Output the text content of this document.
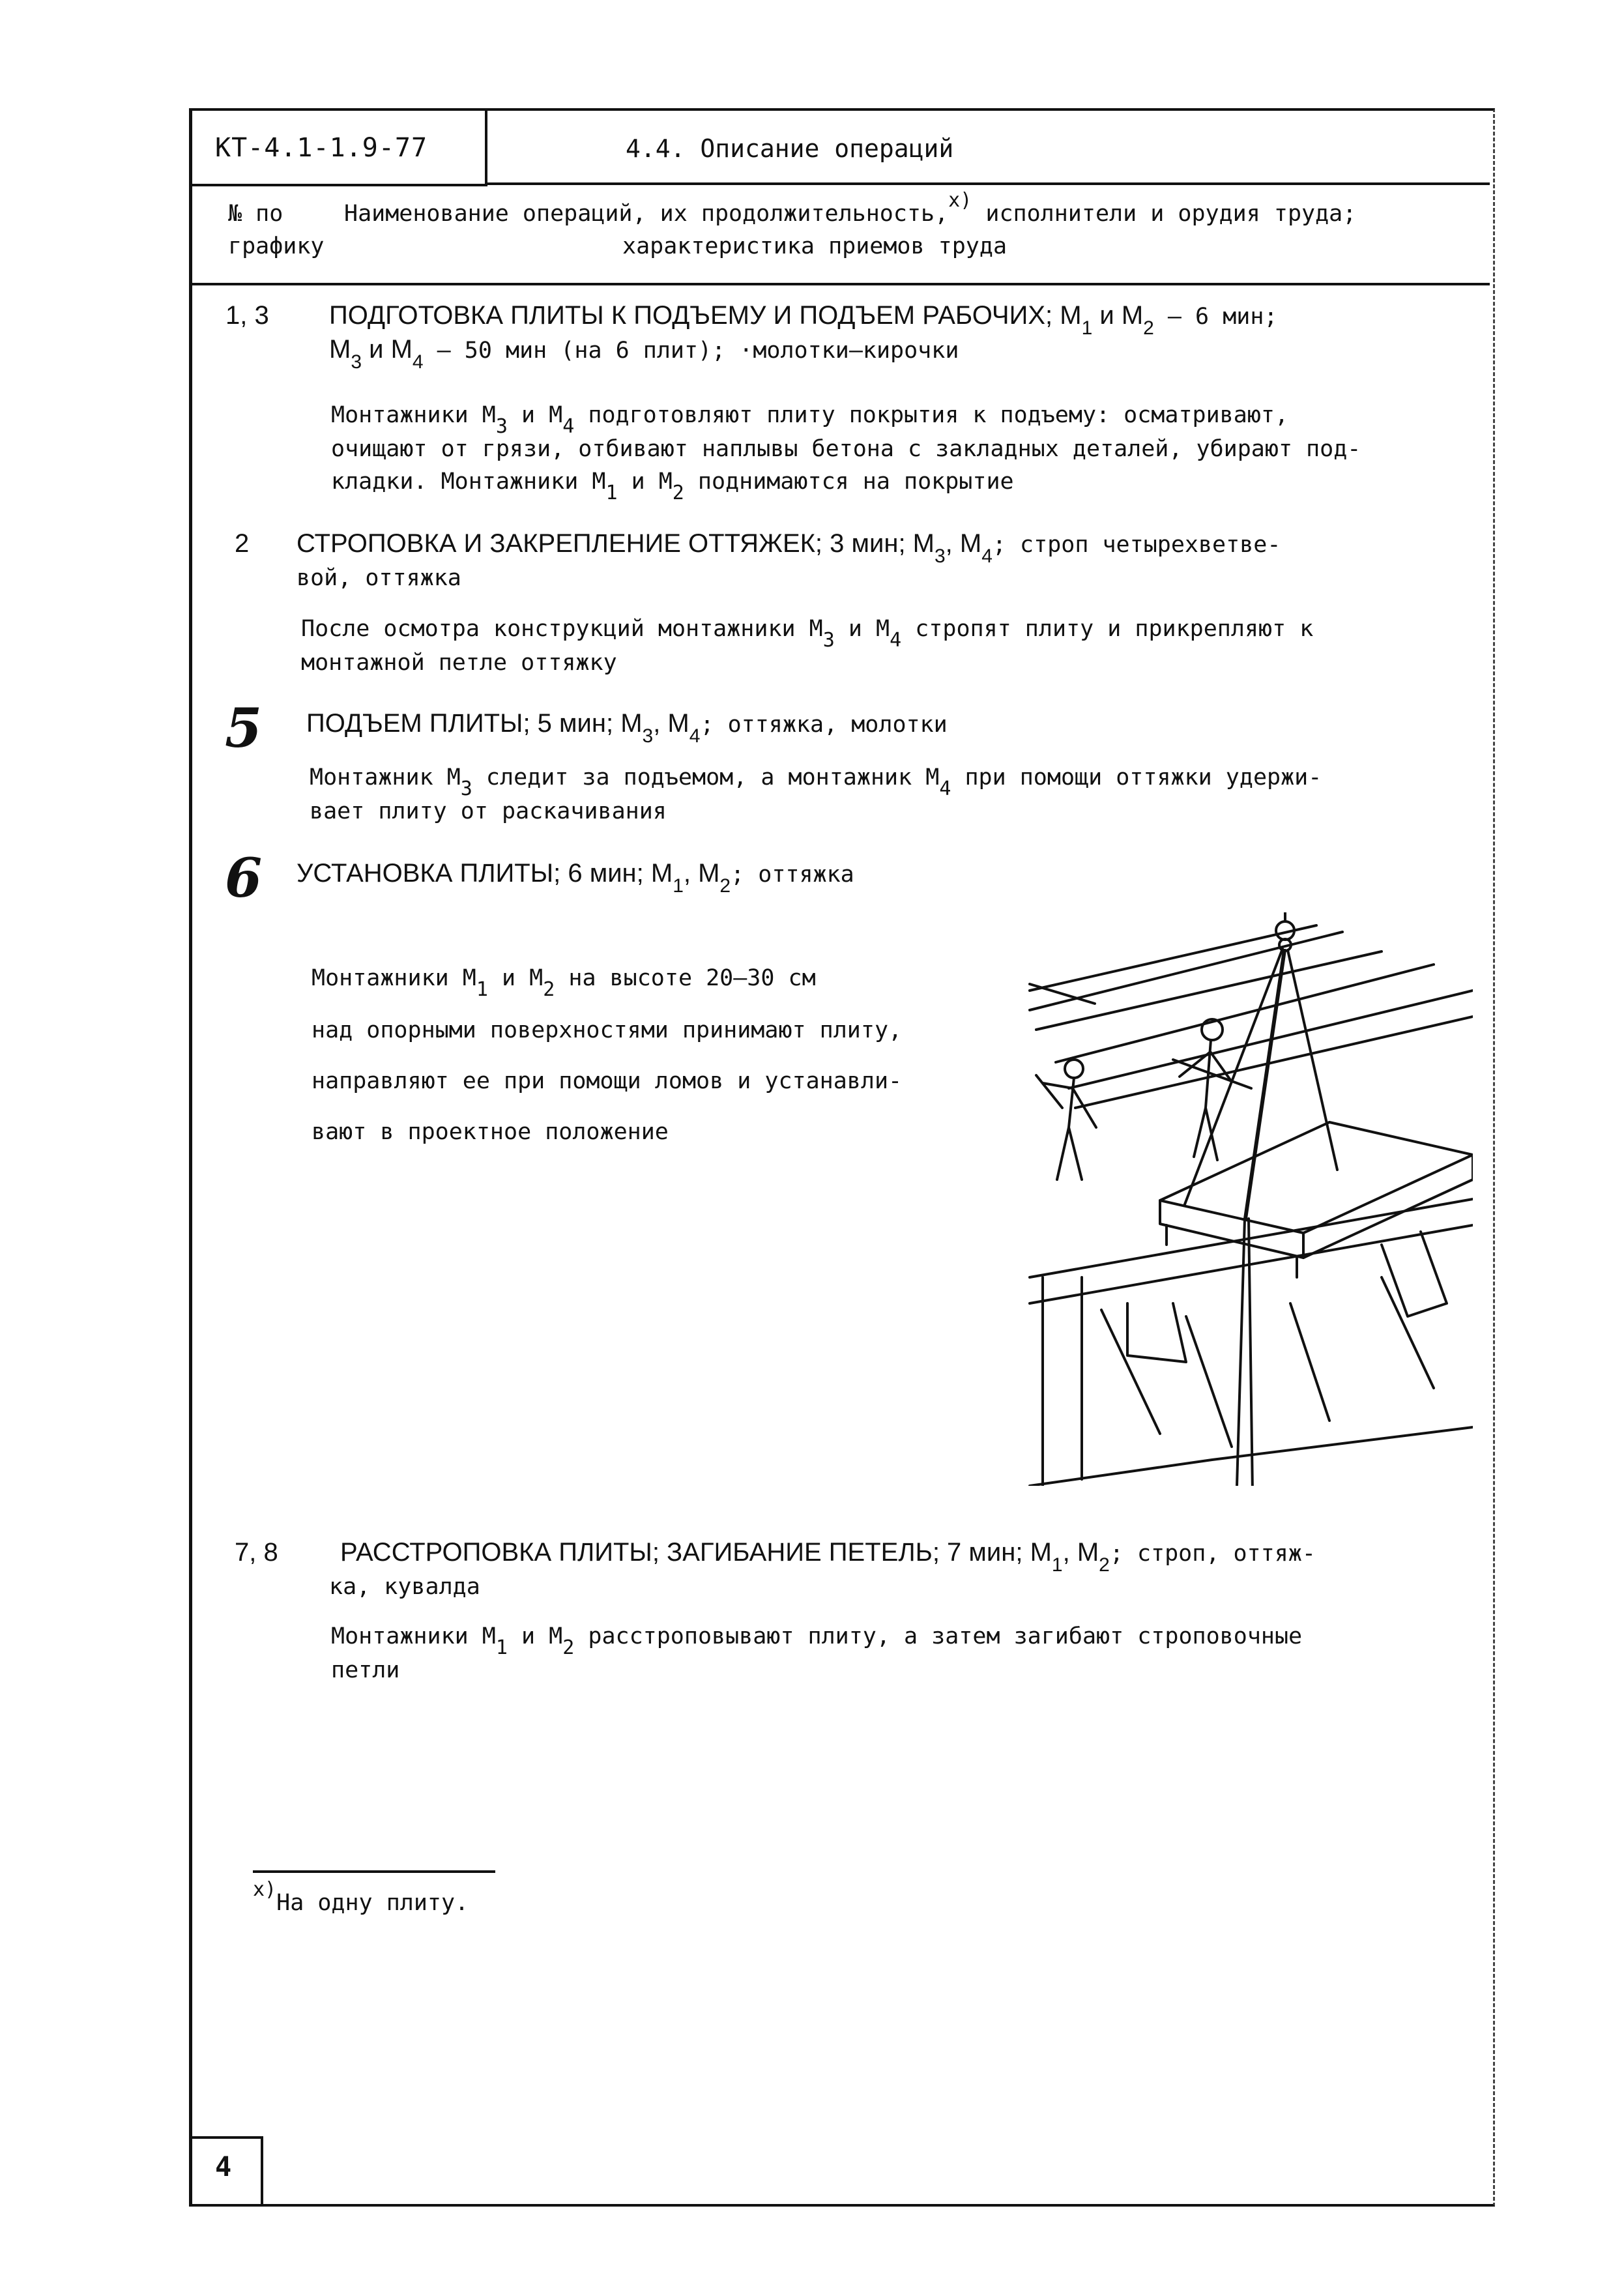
КТ-4.1-1.9-77	4.4. Описание операций
№ по
графику
Наименование операций, их продолжительность,x) исполнители и орудия труда;
характеристика приемов труда
1, 3 ПОДГОТОВКА ПЛИТЫ К ПОДЪЕМУ И ПОДЪЕМ РАБОЧИХ; $М_1$ и $М_2 - 6$ мин;
$М_3$ и $М_4 - 50$ мин (на 6 плит); ·молотки–кирочки
Монтажники М3 и М4 подготовляют плиту покрытия к подъему: осматривают,
очищают от грязи, отбивают наплывы бетона с закладных деталей, убирают под-
кладки. Монтажники М1 и М2 поднимаются на покрытие
2 СТРОПОВКА И ЗАКРЕПЛЕНИЕ ОТТЯЖЕК; 3 мин; $М_3$, $М_4$; строп четырехветве-
вой, оттяжка
После осмотра конструкций монтажники М3 и М4 стропят плиту и прикрепляют к
монтажной петле оттяжку
5 ПОДЪЕМ ПЛИТЫ; 5 мин; $М_3$, $М_4$; оттяжка, молотки
Монтажник М3 следит за подъемом, а монтажник М4 при помощи оттяжки удержи-
вает плиту от раскачивания
6 УСТАНОВКА ПЛИТЫ; 6 мин; $М_1$, $М_2$; оттяжка
Монтажники М1 и М2 на высоте 20–30 см
над опорными поверхностями принимают плиту,
направляют ее при помощи ломов и устанавли-
вают в проектное положение
7, 8 РАССТРОПОВКА ПЛИТЫ; ЗАГИБАНИЕ ПЕТЕЛЬ; 7 мин; $М_1$, $М_2$; строп, оттяж-
ка, кувалда
Монтажники М1 и М2 расстроповывают плиту, а затем загибают строповочные
петли
x)На одну плиту.
4
